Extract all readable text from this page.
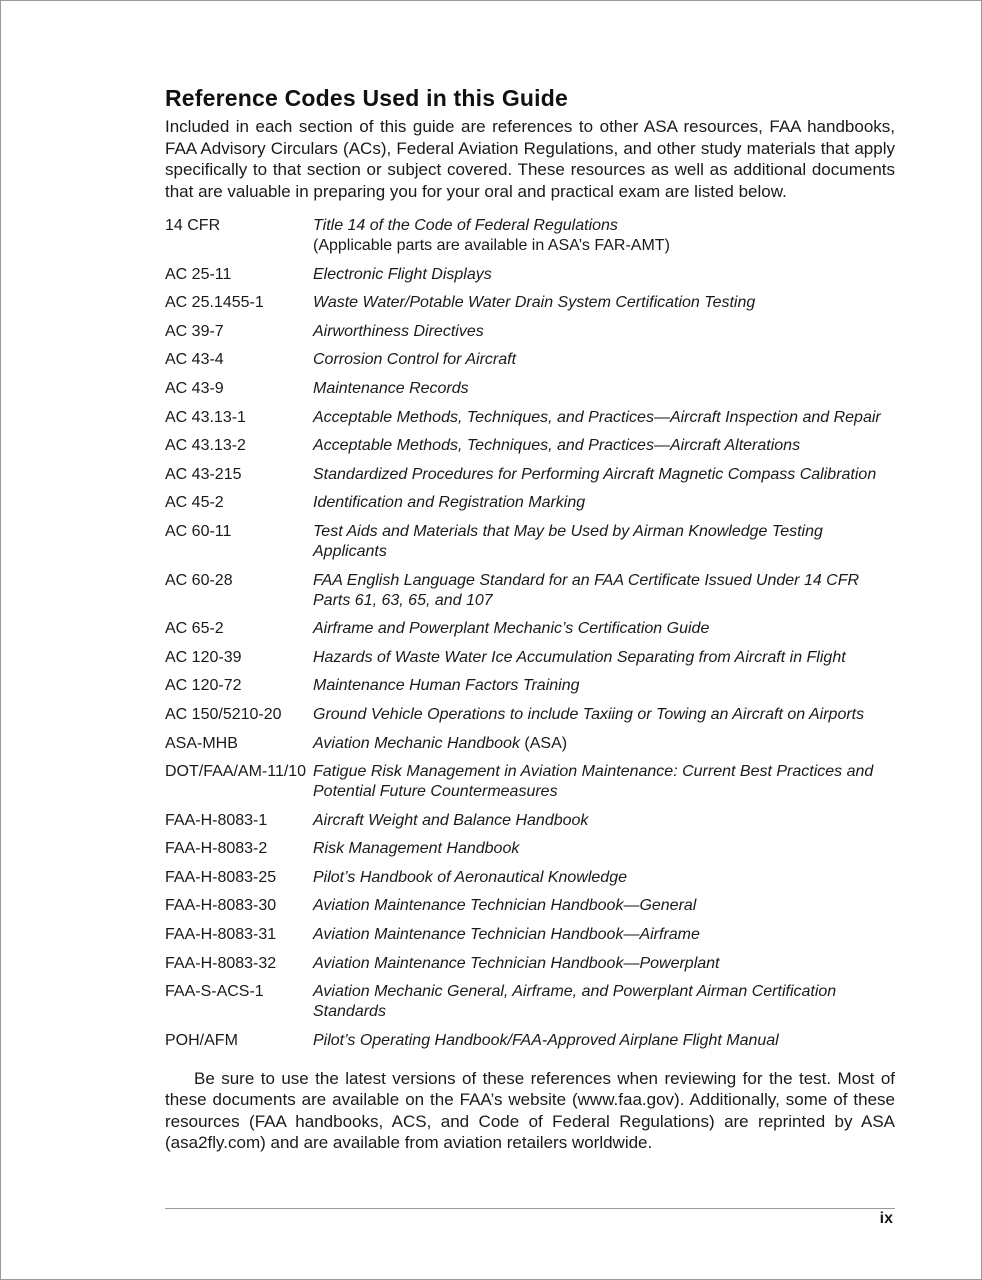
Reference Codes Used in this Guide

Included in each section of this guide are references to other ASA resources, FAA handbooks, FAA Advisory Circulars (ACs), Federal Aviation Regulations, and other study materials that apply specifically to that section or subject covered. These resources as well as additional documents that are valuable in preparing you for your oral and practical exam are listed below.

14 CFR	Title 14 of the Code of Federal Regulations
(Applicable parts are available in ASA’s FAR-AMT)
AC 25-11	Electronic Flight Displays
AC 25.1455-1	Waste Water/Potable Water Drain System Certification Testing
AC 39-7	Airworthiness Directives
AC 43-4	Corrosion Control for Aircraft
AC 43-9	Maintenance Records
AC 43.13-1	Acceptable Methods, Techniques, and Practices—Aircraft Inspection and Repair
AC 43.13-2	Acceptable Methods, Techniques, and Practices—Aircraft Alterations
AC 43-215	Standardized Procedures for Performing Aircraft Magnetic Compass Calibration
AC 45-2	Identification and Registration Marking
AC 60-11	Test Aids and Materials that May be Used by Airman Knowledge Testing Applicants
AC 60-28	FAA English Language Standard for an FAA Certificate Issued Under 14 CFR Parts 61, 63, 65, and 107
AC 65-2	Airframe and Powerplant Mechanic’s Certification Guide
AC 120-39	Hazards of Waste Water Ice Accumulation Separating from Aircraft in Flight
AC 120-72	Maintenance Human Factors Training
AC 150/5210-20	Ground Vehicle Operations to include Taxiing or Towing an Aircraft on Airports
ASA-MHB	Aviation Mechanic Handbook (ASA)
DOT/FAA/AM-11/10 Fatigue Risk Management in Aviation Maintenance: Current Best Practices and Potential Future Countermeasures
FAA-H-8083-1	Aircraft Weight and Balance Handbook
FAA-H-8083-2	Risk Management Handbook
FAA-H-8083-25	Pilot’s Handbook of Aeronautical Knowledge
FAA-H-8083-30	Aviation Maintenance Technician Handbook—General
FAA-H-8083-31	Aviation Maintenance Technician Handbook—Airframe
FAA-H-8083-32	Aviation Maintenance Technician Handbook—Powerplant
FAA-S-ACS-1	Aviation Mechanic General, Airframe, and Powerplant Airman Certification Standards
POH/AFM	Pilot’s Operating Handbook/FAA-Approved Airplane Flight Manual

Be sure to use the latest versions of these references when reviewing for the test. Most of these documents are available on the FAA’s website (www.faa.gov). Additionally, some of these resources (FAA handbooks, ACS, and Code of Federal Regulations) are reprinted by ASA (asa2fly.com) and are available from aviation retailers worldwide.

ix
